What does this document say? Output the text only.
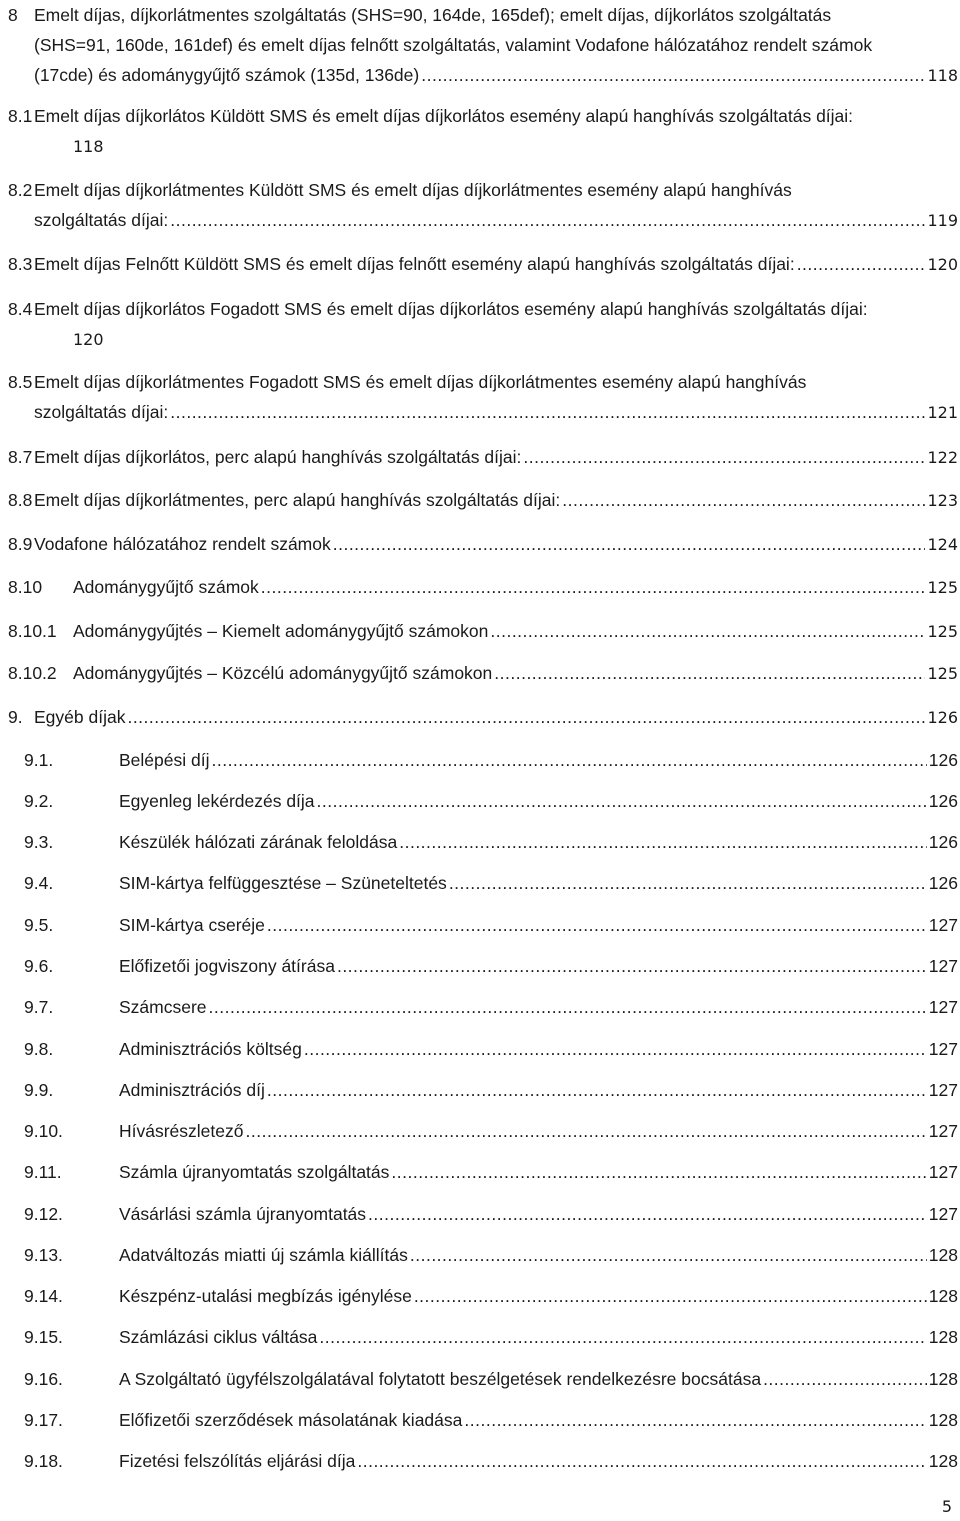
8 Emelt díjas, díjkorlátmentes szolgáltatás (SHS=90, 164de, 165def); emelt díjas, díjkorlátos szolgáltatás
(SHS=91, 160de, 161def) és emelt díjas felnőtt szolgáltatás, valamint Vodafone hálózatához rendelt számok
(17cde) és adománygyűjtő számok (135d, 136de) .....	118
8.1 Emelt díjas díjkorlátos Küldött SMS és emelt díjas díjkorlátos esemény alapú hanghívás szolgáltatás díjai:
118
8.2 Emelt díjas díjkorlátmentes Küldött SMS és emelt díjas díjkorlátmentes esemény alapú hanghívás
szolgáltatás díjai: .....	119
8.3 Emelt díjas Felnőtt Küldött SMS és emelt díjas felnőtt esemény alapú hanghívás szolgáltatás díjai: .....	120
8.4 Emelt díjas díjkorlátos Fogadott SMS és emelt díjas díjkorlátos esemény alapú hanghívás szolgáltatás díjai:
120
8.5 Emelt díjas díjkorlátmentes Fogadott SMS és emelt díjas díjkorlátmentes esemény alapú hanghívás
szolgáltatás díjai: .....	121
8.7 Emelt díjas díjkorlátos, perc alapú hanghívás szolgáltatás díjai: .....	122
8.8 Emelt díjas díjkorlátmentes, perc alapú hanghívás szolgáltatás díjai: .....	123
8.9 Vodafone hálózatához rendelt számok .....	124
8.10 Adománygyűjtő számok .....	125
8.10.1 Adománygyűjtés – Kiemelt adománygyűjtő számokon .....	125
8.10.2 Adománygyűjtés – Közcélú adománygyűjtő számokon .....	125
9. Egyéb díjak .....	126
9.1.	Belépési díj .....	126
9.2.	Egyenleg lekérdezés díja .....	126
9.3.	Készülék hálózati zárának feloldása .....	126
9.4.	SIM-kártya felfüggesztése – Szüneteltetés .....	126
9.5.	SIM-kártya cseréje .....	127
9.6.	Előfizetői jogviszony átírása .....	127
9.7.	Számcsere .....	127
9.8.	Adminisztrációs költség .....	127
9.9.	Adminisztrációs díj .....	127
9.10.	Hívásrészletező .....	127
9.11.	Számla újranyomtatás szolgáltatás .....	127
9.12.	Vásárlási számla újranyomtatás .....	127
9.13.	Adatváltozás miatti új számla kiállítás .....	128
9.14.	Készpénz-utalási megbízás igénylése .....	128
9.15.	Számlázási ciklus váltása .....	128
9.16.	A Szolgáltató ügyfélszolgálatával folytatott beszélgetések rendelkezésre bocsátása .....	128
9.17.	Előfizetői szerződések másolatának kiadása .....	128
9.18.	Fizetési felszólítás eljárási díja .....	128
5
